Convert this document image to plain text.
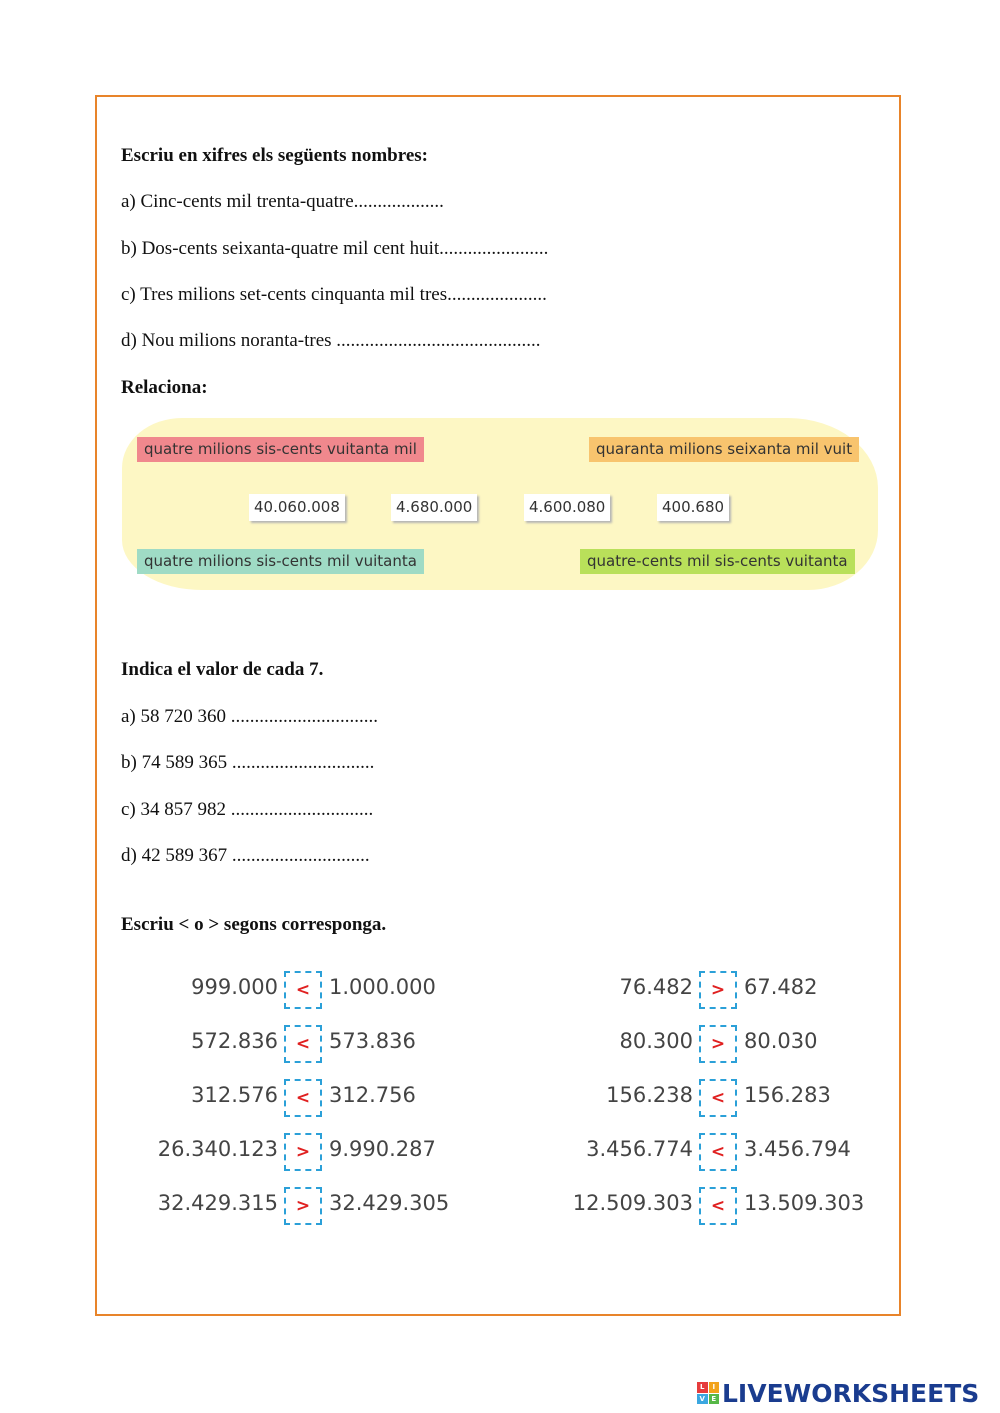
Escriu en xifres els següents nombres:
a) Cinc-cents mil trenta-quatre...................
b) Dos-cents seixanta-quatre mil cent huit.......................
c) Tres milions set-cents cinquanta mil tres.....................
d) Nou milions noranta-tres ...........................................
Relaciona:
quatre milions sis-cents vuitanta mil	quaranta milions seixanta mil vuit
quatre milions sis-cents mil vuitanta	quatre-cents mil sis-cents vuitanta
40.060.008	4.680.000	4.600.080	400.680
Indica el valor de cada 7.
a) 58 720 360 ...............................
b) 74 589 365 ..............................
c) 34 857 982 ..............................
d) 42 589 367 .............................
Escriu < o > segons corresponga.
999.000	< 1.000.000
572.836	< 573.836
312.576	< 312.756
26.340.123	> 9.990.287
32.429.315	> 32.429.305
76.482	> 67.482
80.300	> 80.030
156.238	< 156.283
3.456.774	< 3.456.794
12.509.303	< 13.509.303
L	I
V E LIVEWORKSHEETS
